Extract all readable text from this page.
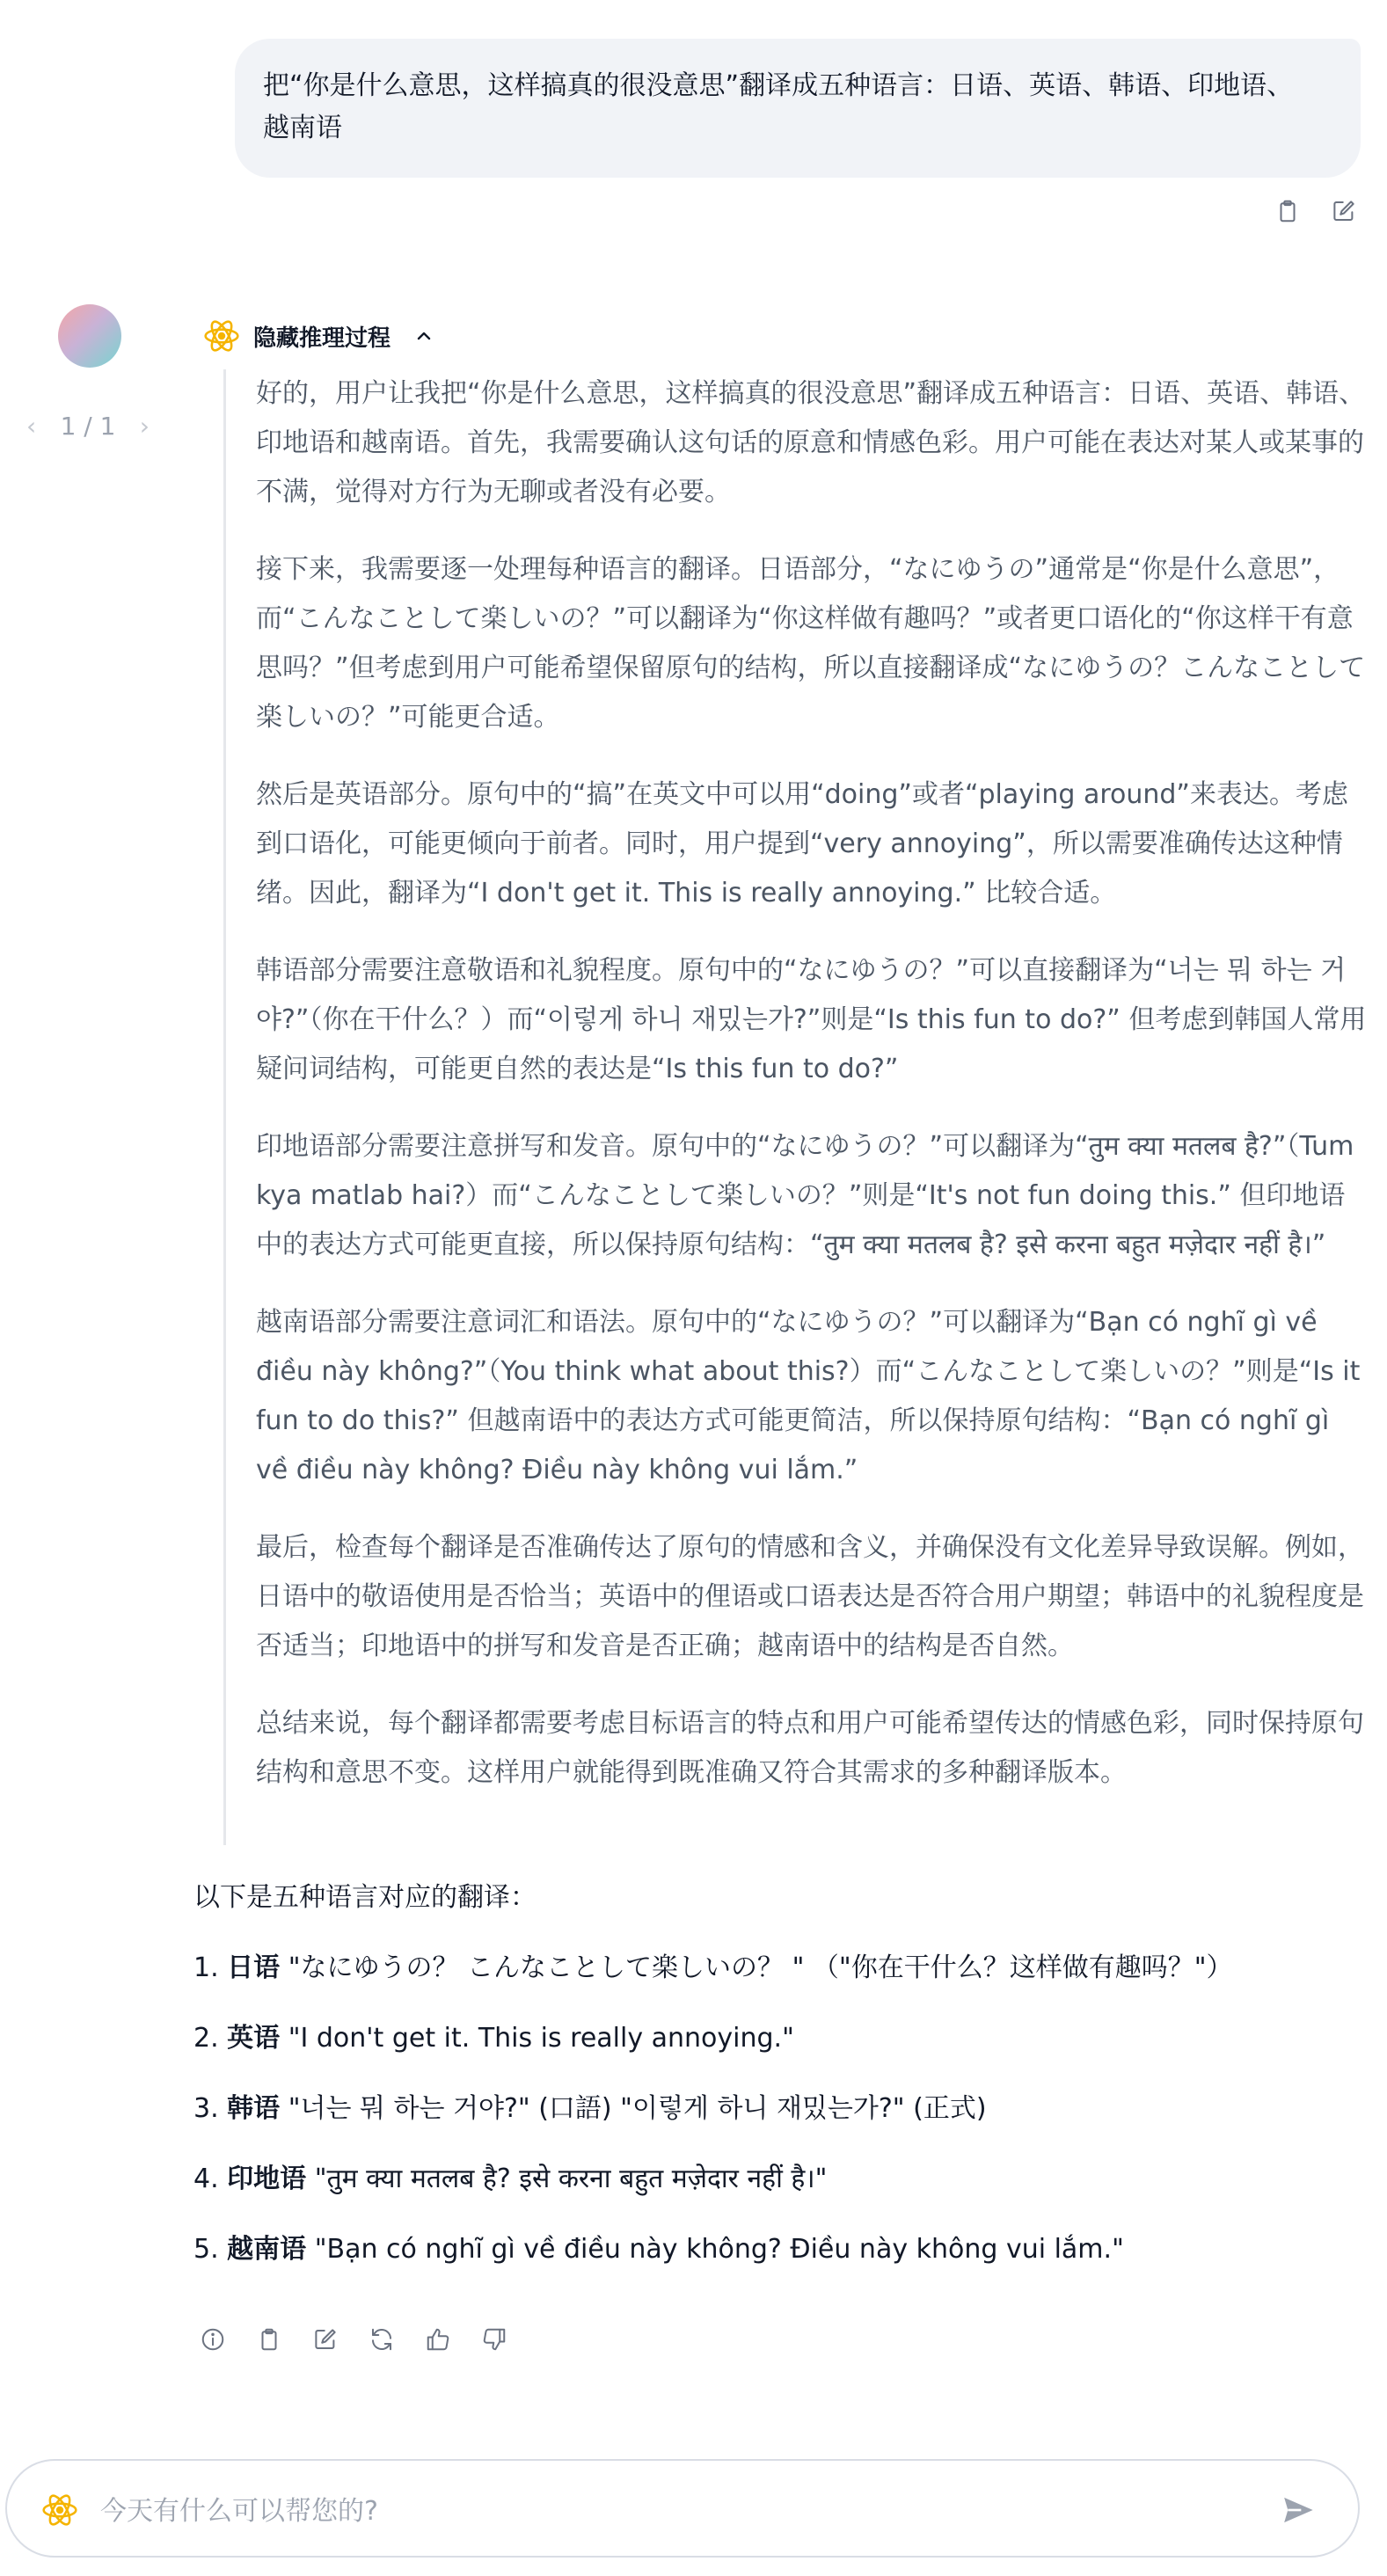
把“你是什么意思，这样搞真的很没意思”翻译成五种语言：日语、英语、韩语、印地语、越南语
‹ 1 / 1 ›
隐藏推理过程

好的，用户让我把“你是什么意思，这样搞真的很没意思”翻译成五种语言：日语、英语、韩语、印地语和越南语。首先，我需要确认这句话的原意和情感色彩。用户可能在表达对某人或某事的不满，觉得对方行为无聊或者没有必要。

接下来，我需要逐一处理每种语言的翻译。日语部分，“なにゆうの”通常是“你是什么意思”，而“こんなことして楽しいの？”可以翻译为“你这样做有趣吗？”或者更口语化的“你这样干有意思吗？”但考虑到用户可能希望保留原句的结构，所以直接翻译成“なにゆうの？こんなことして楽しいの？”可能更合适。

然后是英语部分。原句中的“搞”在英文中可以用“doing”或者“playing around”来表达。考虑到口语化，可能更倾向于前者。同时，用户提到“very annoying”，所以需要准确传达这种情绪。因此，翻译为“I don't get it. This is really annoying.” 比较合适。

韩语部分需要注意敬语和礼貌程度。原句中的“なにゆうの？”可以直接翻译为“너는 뭐 하는 거야?”（你在干什么？）而“이렇게 하니 재밌는가?”则是“Is this fun to do?” 但考虑到韩国人常用疑问词结构，可能更自然的表达是“Is this fun to do?”

印地语部分需要注意拼写和发音。原句中的“なにゆうの？”可以翻译为“तुम क्या मतलब है?”（Tum kya matlab hai?）而“こんなことして楽しいの？”则是“It's not fun doing this.” 但印地语中的表达方式可能更直接，所以保持原句结构：“तुम क्या मतलब है? इसे करना बहुत मज़ेदार नहीं है।”

越南语部分需要注意词汇和语法。原句中的“なにゆうの？”可以翻译为“Bạn có nghĩ gì về điều này không?”（You think what about this?）而“こんなことして楽しいの？”则是“Is it fun to do this?” 但越南语中的表达方式可能更简洁，所以保持原句结构：“Bạn có nghĩ gì về điều này không? Điều này không vui lắm.”

最后，检查每个翻译是否准确传达了原句的情感和含义，并确保没有文化差异导致误解。例如，日语中的敬语使用是否恰当；英语中的俚语或口语表达是否符合用户期望；韩语中的礼貌程度是否适当；印地语中的拼写和发音是否正确；越南语中的结构是否自然。

总结来说，每个翻译都需要考虑目标语言的特点和用户可能希望传达的情感色彩，同时保持原句结构和意思不变。这样用户就能得到既准确又符合其需求的多种翻译版本。

以下是五种语言对应的翻译：
1. 日语 "なにゆうの？ こんなことして楽しいの？ " （"你在干什么？这样做有趣吗？"）
2. 英语 "I don't get it. This is really annoying."
3. 韩语 "너는 뭐 하는 거야?" (口語) "이렇게 하니 재밌는가?" (正式)
4. 印地语 "तुम क्या मतलब है? इसे करना बहुत मज़ेदार नहीं है।"
5. 越南语 "Bạn có nghĩ gì về điều này không? Điều này không vui lắm."
今天有什么可以帮您的?
